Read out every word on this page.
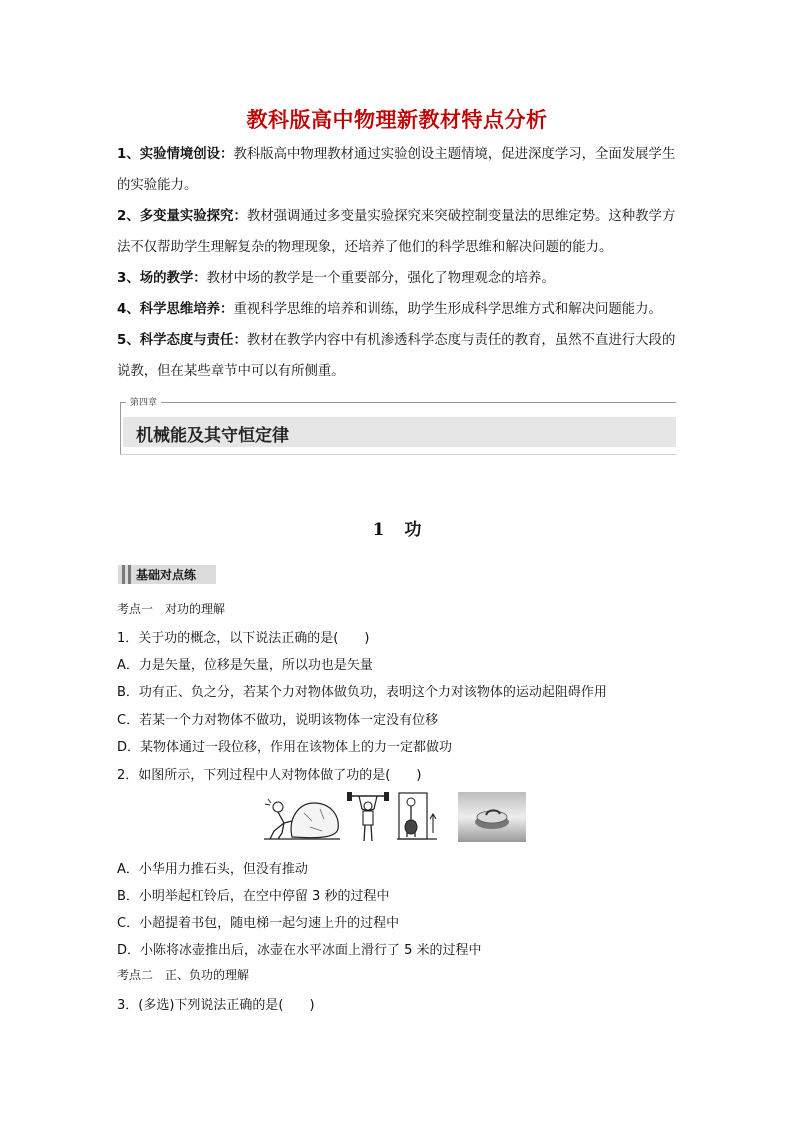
教科版高中物理新教材特点分析

1、实验情境创设：教科版高中物理教材通过实验创设主题情境，促进深度学习，全面发展学生的实验能力。

2、多变量实验探究：教材强调通过多变量实验探究来突破控制变量法的思维定势。这种教学方法不仅帮助学生理解复杂的物理现象，还培养了他们的科学思维和解决问题的能力。

3、场的教学：教材中场的教学是一个重要部分，强化了物理观念的培养。

4、科学思维培养：重视科学思维的培养和训练，助学生形成科学思维方式和解决问题能力。

5、科学态度与责任：教材在教学内容中有机渗透科学态度与责任的教育，虽然不直进行大段的说教，但在某些章节中可以有所侧重。

第四章
机械能及其守恒定律
1 功
基础对点练
考点一　对功的理解
1．关于功的概念，以下说法正确的是(　　)
A．力是矢量，位移是矢量，所以功也是矢量
B．功有正、负之分，若某个力对物体做负功，表明这个力对该物体的运动起阻碍作用
C．若某一个力对物体不做功，说明该物体一定没有位移
D．某物体通过一段位移，作用在该物体上的力一定都做功
2．如图所示，下列过程中人对物体做了功的是(　　)
A．小华用力推石头，但没有推动
B．小明举起杠铃后，在空中停留 3 秒的过程中
C．小超提着书包，随电梯一起匀速上升的过程中
D．小陈将冰壶推出后，冰壶在水平冰面上滑行了 5 米的过程中
考点二　正、负功的理解
3．(多选)下列说法正确的是(　　)
